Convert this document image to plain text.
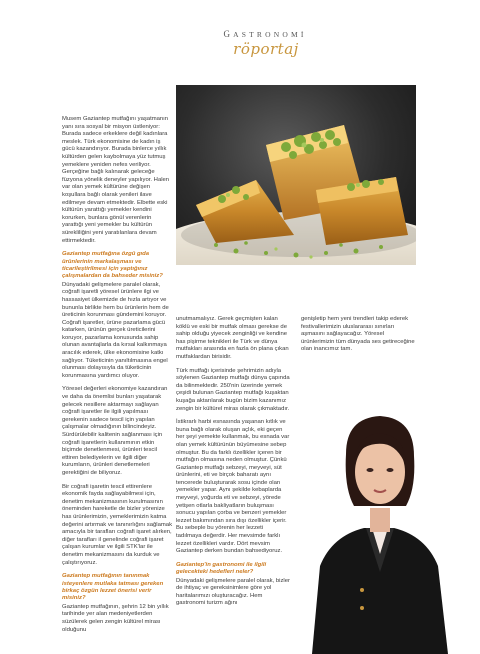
GASTRONOMİ
röportaj

Musem Gaziantep mutfağını yaşatmanın yanı sıra sosyal bir misyon üstleniyor: Burada sadece erkeklere değil kadınlara meslek. Türk ekonomisine de kadın iş gücü kazandırıyor. Burada binlerce yıllık kültürden gelen kaybolmaya yüz tutmuş yemeklere yeniden nefes veriliyor. Gerçeğine bağlı kalınarak geleceğe füzyona yönelik deneyler yapılıyor. Halen var olan yemek kültürüne değişen koşullara bağlı olarak yenileri ilave edilmeye devam etmektedir. Elbette eski kültürün yarattığı yemekler kendini korurken, bunlara gönül verenlerin yarattığı yeni yemekler bu kültürün sürekliliğini yeni yaratılanlara devam ettirmektedir.

Gaziantep mutfağına özgü gıda ürünlerinin markalaşması ve ticarileştirilmesi için yaptığınız çalışmalardan da bahseder misiniz?

Dünyadaki gelişmelere paralel olarak, coğrafi işaretli yöresel ürünlere ilgi ve hassasiyet ülkemizde de hızla artıyor ve bununla birlikte hem bu ürünlerin hem de üreticinin korunması gündemini koruyor. Coğrafi işaretler, ürüne pazarlama gücü katarken, ürünün gerçek üreticilerini koruyor, pazarlama konusunda sahip olunan avantajlarla da kırsal kalkınmaya aracılık ederek, ülke ekonomisine katkı sağlıyor. Tüketicinin yanıltılmasına engel olunması dolayısıyla da tüketicinin korunmasına yardımcı oluyor.

Yöresel değerleri ekonomiye kazandıran ve daha da önemlisi bunları yaşatarak gelecek nesillere aktarmayı sağlayan coğrafi işaretler ile ilgili yapılması gerekenin sadece tescil için yapılan çalışmalar olmadığının bilincindeyiz. Sürdürülebilir kalitenin sağlanması için coğrafi işaretlerin kullanımının etkin biçimde denetlenmesi, ürünleri tescil ettiren belediyelerin ve ilgili diğer kurumların, ürünleri denetlemeleri gerektiğini de biliyoruz.

Bir coğrafi işaretin tescil ettirenlere ekonomik fayda sağlayabilmesi için, denetim mekanizmasının kurulmasının öneminden hareketle de bizler yörenize has ürünlerimizin, yemeklerimizin katma değerini artırmak ve tanınırlığını sağlamak amacıyla bir tarafları coğrafi işaret alırken, diğer tarafları il genelinde coğrafi işaret çalışan kurumlar ve ilgili STK'lar ile denetim mekanizmasını da kurduk ve çalıştırıyoruz.

Gaziantep mutfağının tanınmak isteyenlere mutlaka tatması gereken birkaç özgün lezzet önerisi verir misiniz?

Gaziantep mutfağının, şehrin 12 bin yıllık tarihinde yer alan medeniyetlerden süzülerek gelen zengin kültürel mirası olduğunu

unutmamalıyız. Gerek geçmişten kalan köklü ve eski bir mutfak olması gerekse de sahip olduğu yiyecek zenginliği ve kendine has pişirme teknikleri ile Türk ve dünya mutfakları arasında en fazla ön plana çıkan mutfaklardan birisidir.

Türk mutfağı içerisinde şehrimizin adıyla söylenen Gaziantep mutfağı dünya çapında da bilinmektedir. 250'nin üzerinde yemek çeşidi bulunan Gaziantep mutfağı kuşaktan kuşağa aktarılarak bugün bizim kazanımız zengin bir kültürel miras olarak çıkmaktadır.

İstikrarlı harbi esnasında yaşanan kıtlık ve buna bağlı olarak oluşan açlık, eki geçen her şeyi yemekte kullanmak, bu esnada var olan yemek kültürünün büyümesine sebep olmuştur. Bu da farklı özellikler içeren bir mutfağın olmasına neden olmuştur. Çünkü Gaziantep mutfağı sebzeyi, meyveyi, süt ürünlerini, eti ve birçok baharatı aynı tencerede buluşturarak sosu içinde olan yemekler yapar. Aynı şekilde kebaplarda meyveyi, yoğurda eti ve sebzeyi, yörede yetişen otlarla bakliyatların buluşması sonucu yapılan çorba ve benzeri yemekler lezzet bakımından sıra dışı özellikler içerir. Bu sebeple bu yörenin her lezzeti tadılmaya değerdir. Her mevsimde farklı lezzet özellikleri vardır. Dört mevsim Gaziantep derken bundan bahsediyoruz.

Gaziantep'in gastronomi ile ilgili gelecekteki hedefleri neler?

Dünyadaki gelişmelere paralel olarak, bizler de ihtiyaç ve gereksinimlere göre yol haritalarımızı oluşturacağız. Hem gastronomi turizm ağını

genişletip hem yeni trendleri takip ederek festivallerimizin uluslararası sınırları aşmasını sağlayacağız. Yöresel ürünlerimizin tüm dünyada ses getireceğine olan inancımız tam.
